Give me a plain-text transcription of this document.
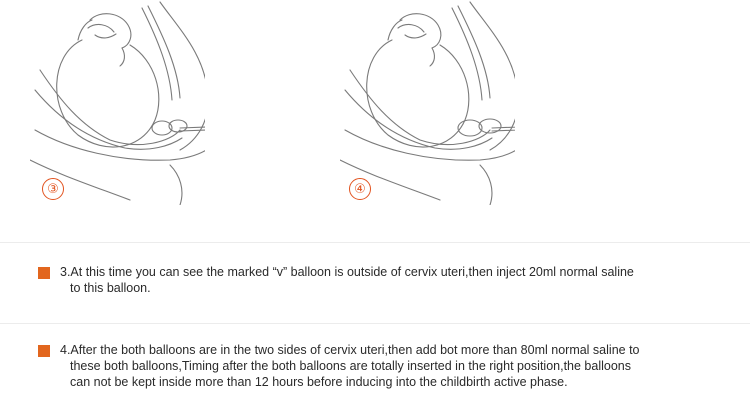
③	④
3.At this time you can see the marked “v” balloon is outside of cervix uteri,then inject 20ml normal saline
to this balloon.
4.After the both balloons are in the two sides of cervix uteri,then add bot more than 80ml normal saline to
these both balloons,Timing after the both balloons are totally inserted in the right position,the balloons
can not be kept inside more than 12 hours before inducing into the childbirth active phase.
